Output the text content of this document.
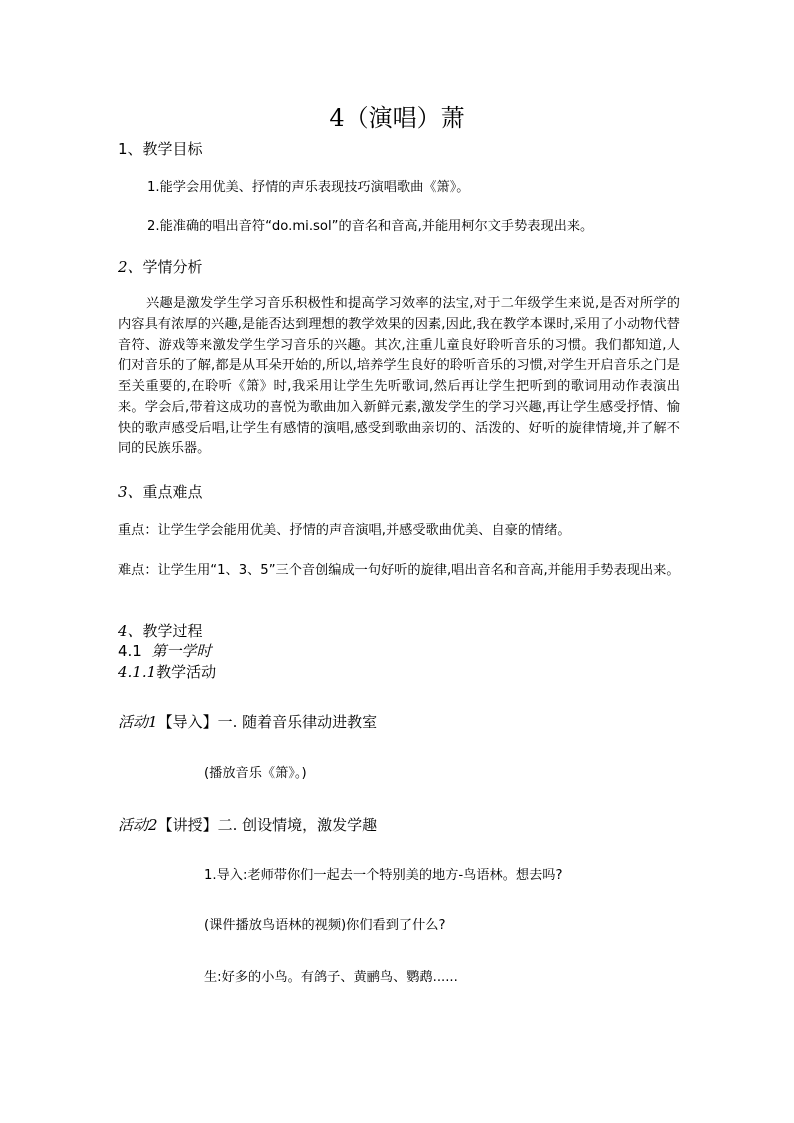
4（演唱）萧
1、教学目标
1.能学会用优美、抒情的声乐表现技巧演唱歌曲《箫》。
2.能准确的唱出音符“do.mi.sol”的音名和音高,并能用柯尔文手势表现出来。
2、学情分析
兴趣是激发学生学习音乐积极性和提高学习效率的法宝,对于二年级学生来说,是否对所学的内容具有浓厚的兴趣,是能否达到理想的教学效果的因素,因此,我在教学本课时,采用了小动物代替音符、游戏等来激发学生学习音乐的兴趣。其次,注重儿童良好聆听音乐的习惯。我们都知道,人们对音乐的了解,都是从耳朵开始的,所以,培养学生良好的聆听音乐的习惯,对学生开启音乐之门是至关重要的,在聆听《箫》时,我采用让学生先听歌词,然后再让学生把听到的歌词用动作表演出来。学会后,带着这成功的喜悦为歌曲加入新鲜元素,激发学生的学习兴趣,再让学生感受抒情、愉快的歌声感受后唱,让学生有感情的演唱,感受到歌曲亲切的、活泼的、好听的旋律情境,并了解不同的民族乐器。
3、重点难点
重点：让学生学会能用优美、抒情的声音演唱,并感受歌曲优美、自豪的情绪。
难点：让学生用“1、3、5”三个音创编成一句好听的旋律,唱出音名和音高,并能用手势表现出来。
4、教学过程
4.1 第一学时
4.1.1教学活动
活动1【导入】一. 随着音乐律动进教室
(播放音乐《箫》。)
活动2【讲授】二. 创设情境，激发学趣
1.导入:老师带你们一起去一个特别美的地方-鸟语林。想去吗?
(课件播放鸟语林的视频)你们看到了什么?
生:好多的小鸟。有鸽子、黄鹂鸟、鹦鹉......
